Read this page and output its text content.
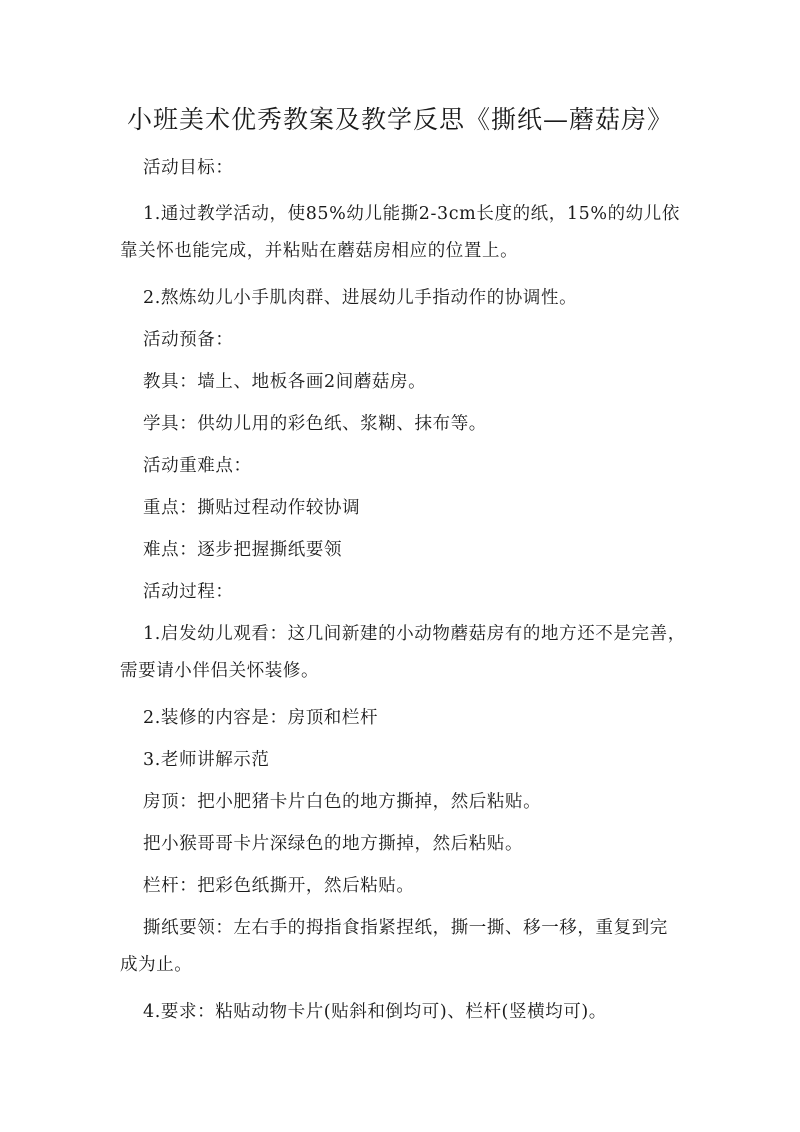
小班美术优秀教案及教学反思《撕纸—蘑菇房》
活动目标：
1.通过教学活动，使85%幼儿能撕2-3cm长度的纸，15%的幼儿依
靠关怀也能完成，并粘贴在蘑菇房相应的位置上。
2.熬炼幼儿小手肌肉群、进展幼儿手指动作的协调性。
活动预备：
教具：墙上、地板各画2间蘑菇房。
学具：供幼儿用的彩色纸、浆糊、抹布等。
活动重难点：
重点：撕贴过程动作较协调
难点：逐步把握撕纸要领
活动过程：
1.启发幼儿观看：这几间新建的小动物蘑菇房有的地方还不是完善，
需要请小伴侣关怀装修。
2.装修的内容是：房顶和栏杆
3.老师讲解示范
房顶：把小肥猪卡片白色的地方撕掉，然后粘贴。
把小猴哥哥卡片深绿色的地方撕掉，然后粘贴。
栏杆：把彩色纸撕开，然后粘贴。
撕纸要领：左右手的拇指食指紧捏纸，撕一撕、移一移，重复到完
成为止。
4.要求：粘贴动物卡片(贴斜和倒均可)、栏杆(竖横均可)。
